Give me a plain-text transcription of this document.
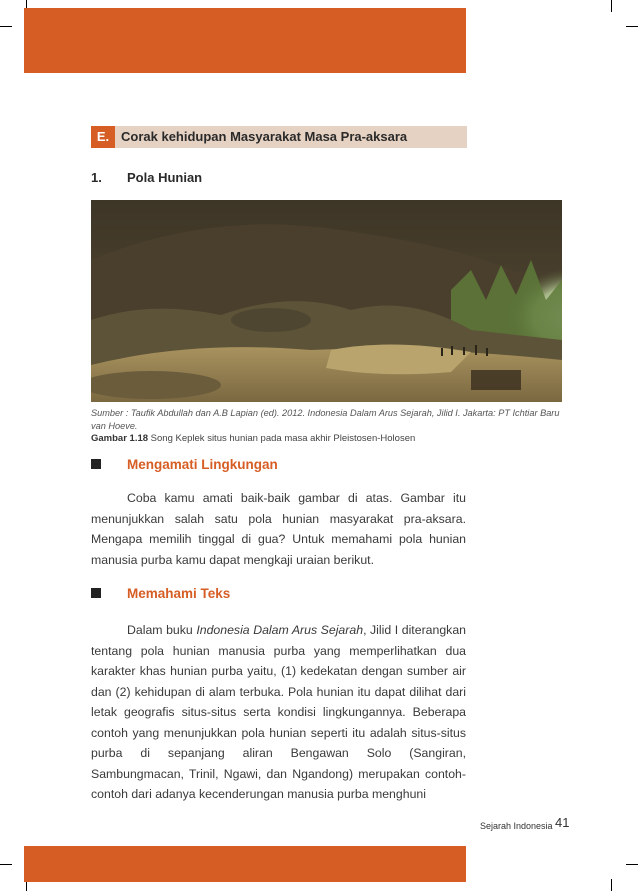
E. Corak kehidupan Masyarakat Masa Pra-aksara
1. Pola Hunian
Sumber : Taufik Abdullah dan A.B Lapian (ed). 2012. Indonesia Dalam Arus Sejarah, Jilid I. Jakarta: PT Ichtiar Baru van Hoeve.
Gambar 1.18 Song Keplek situs hunian pada masa akhir Pleistosen-Holosen
Mengamati Lingkungan
Coba kamu amati baik-baik gambar di atas. Gambar itu menunjukkan salah satu pola hunian masyarakat pra-aksara. Mengapa memilih tinggal di gua? Untuk memahami pola hunian manusia purba kamu dapat mengkaji uraian berikut.
Memahami Teks
Dalam buku Indonesia Dalam Arus Sejarah, Jilid I diterangkan tentang pola hunian manusia purba yang memperlihatkan dua karakter khas hunian purba yaitu, (1) kedekatan dengan sumber air dan (2) kehidupan di alam terbuka. Pola hunian itu dapat dilihat dari letak geografis situs-situs serta kondisi lingkungannya. Beberapa contoh yang menunjukkan pola hunian seperti itu adalah situs-situs purba di sepanjang aliran Bengawan Solo (Sangiran, Sambungmacan, Trinil, Ngawi, dan Ngandong) merupakan contoh-contoh dari adanya kecenderungan manusia purba menghuni
Sejarah Indonesia 41
